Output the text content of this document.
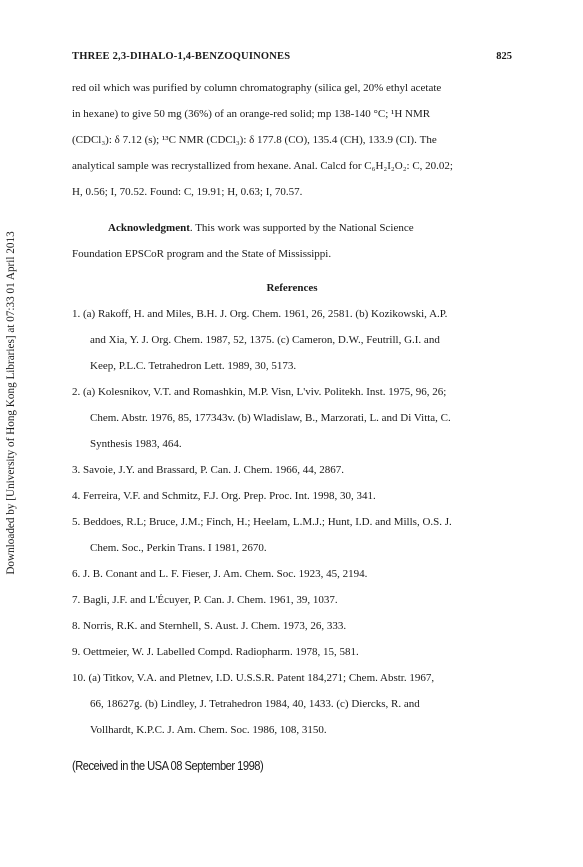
Downloaded by [University of Hong Kong Libraries] at 07:33 01 April 2013
THREE 2,3-DIHALO-1,4-BENZOQUINONES	825
red oil which was purified by column chromatography (silica gel, 20% ethyl acetate
in hexane) to give 50 mg (36%) of an orange-red solid; mp 138-140 °C; ¹H NMR
(CDCl₃): δ 7.12 (s); ¹³C NMR (CDCl₃): δ 177.8 (CO), 135.4 (CH), 133.9 (CI). The
analytical sample was recrystallized from hexane. Anal. Calcd for C₆H₂I₂O₂: C, 20.02;
H, 0.56; I, 70.52. Found: C, 19.91; H, 0.63; I, 70.57.
Acknowledgment. This work was supported by the National Science
Foundation EPSCoR program and the State of Mississippi.
References
1. (a) Rakoff, H. and Miles, B.H. J. Org. Chem. 1961, 26, 2581. (b) Kozikowski, A.P.
and Xia, Y. J. Org. Chem. 1987, 52, 1375. (c) Cameron, D.W., Feutrill, G.I. and
Keep, P.L.C. Tetrahedron Lett. 1989, 30, 5173.
2. (a) Kolesnikov, V.T. and Romashkin, M.P. Visn, L'viv. Politekh. Inst. 1975, 96, 26;
Chem. Abstr. 1976, 85, 177343v. (b) Wladislaw, B., Marzorati, L. and Di Vitta, C.
Synthesis 1983, 464.
3. Savoie, J.Y. and Brassard, P. Can. J. Chem. 1966, 44, 2867.
4. Ferreira, V.F. and Schmitz, F.J. Org. Prep. Proc. Int. 1998, 30, 341.
5. Beddoes, R.L; Bruce, J.M.; Finch, H.; Heelam, L.M.J.; Hunt, I.D. and Mills, O.S. J.
Chem. Soc., Perkin Trans. I 1981, 2670.
6. J. B. Conant and L. F. Fieser, J. Am. Chem. Soc. 1923, 45, 2194.
7. Bagli, J.F. and L'Écuyer, P. Can. J. Chem. 1961, 39, 1037.
8. Norris, R.K. and Sternhell, S. Aust. J. Chem. 1973, 26, 333.
9. Oettmeier, W. J. Labelled Compd. Radiopharm. 1978, 15, 581.
10. (a) Titkov, V.A. and Pletnev, I.D. U.S.S.R. Patent 184,271; Chem. Abstr. 1967,
66, 18627g. (b) Lindley, J. Tetrahedron 1984, 40, 1433. (c) Diercks, R. and
Vollhardt, K.P.C. J. Am. Chem. Soc. 1986, 108, 3150.
(Received in the USA 08 September 1998)
